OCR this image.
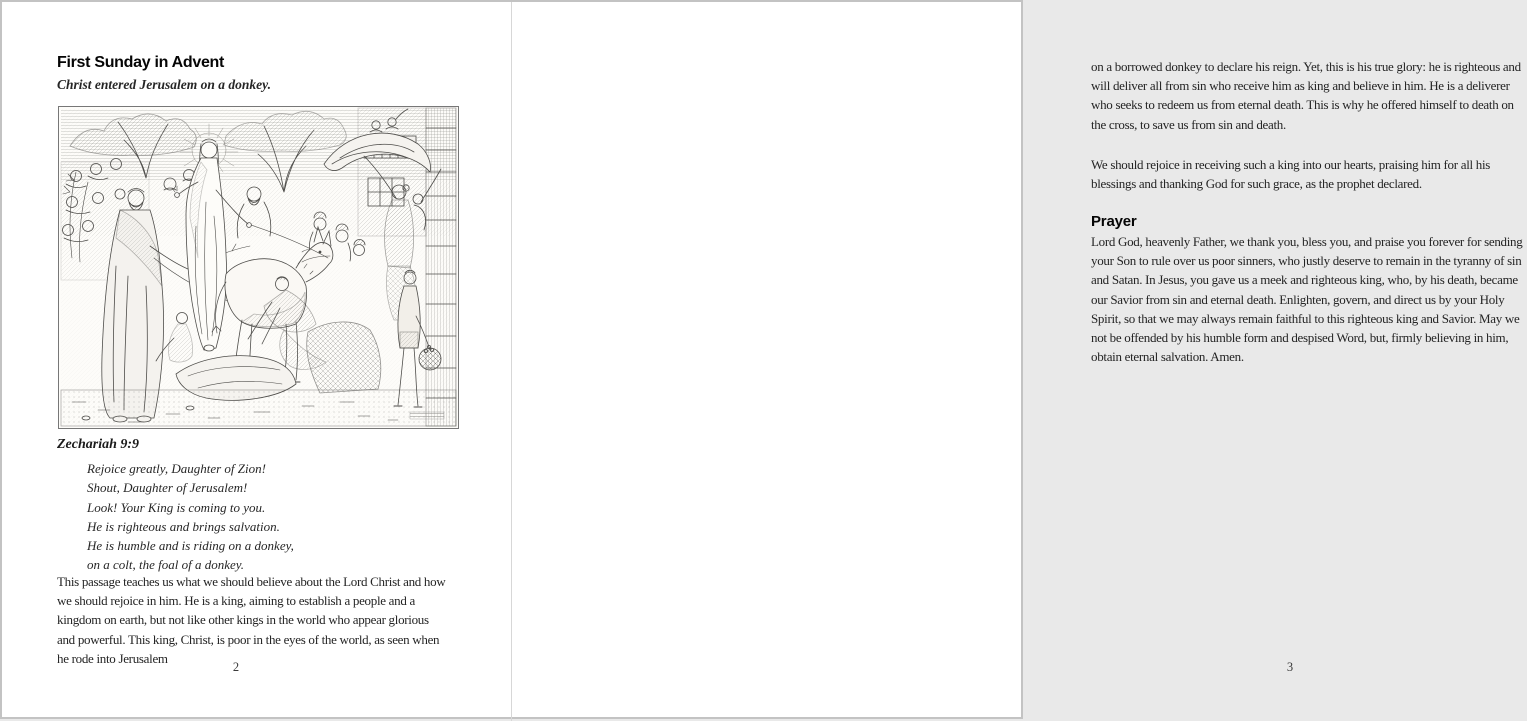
First Sunday in Advent
Christ entered Jerusalem on a donkey.
Zechariah 9:9
Rejoice greatly, Daughter of Zion!
Shout, Daughter of Jerusalem!
Look! Your King is coming to you.
He is righteous and brings salvation.
He is humble and is riding on a donkey,
on a colt, the foal of a donkey.
This passage teaches us what we should believe about the Lord Christ and how we should rejoice in him. He is a king, aiming to establish a people and a kingdom on earth, but not like other kings in the world who appear glorious and powerful. This king, Christ, is poor in the eyes of the world, as seen when he rode into Jerusalem
2
on a borrowed donkey to declare his reign. Yet, this is his true glory: he is righteous and will deliver all from sin who receive him as king and believe in him. He is a deliverer who seeks to redeem us from eternal death. This is why he offered himself to death on the cross, to save us from sin and death.
We should rejoice in receiving such a king into our hearts, praising him for all his blessings and thanking God for such grace, as the prophet declared.
Prayer
Lord God, heavenly Father, we thank you, bless you, and praise you forever for sending your Son to rule over us poor sinners, who justly deserve to remain in the tyranny of sin and Satan. In Jesus, you gave us a meek and righteous king, who, by his death, became our Savior from sin and eternal death. Enlighten, govern, and direct us by your Holy Spirit, so that we may always remain faithful to this righteous king and Savior. May we not be offended by his humble form and despised Word, but, firmly believing in him, obtain eternal salvation. Amen.
3
